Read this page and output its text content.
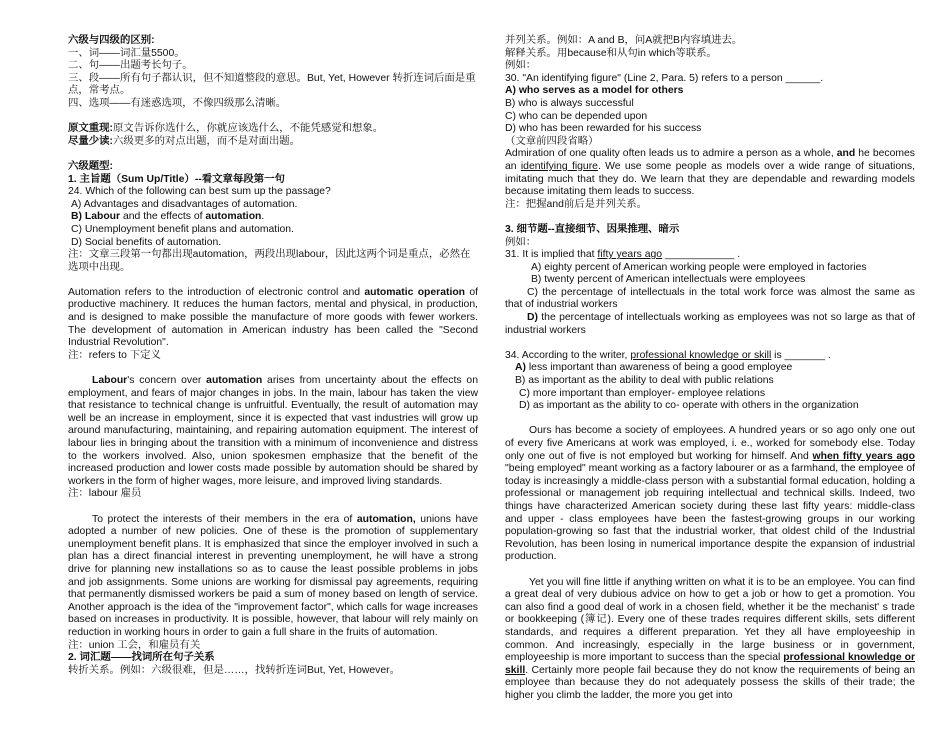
六级与四级的区别:

一、词——词汇量5500。

二、句——出题考长句子。

三、段——所有句子都认识，但不知道整段的意思。But, Yet, However 转折连词后面是重点，常考点。

四、选项——有迷惑选项，不像四级那么清晰。

原文重现:原文告诉你选什么，你就应该选什么，不能凭感觉和想象。

尽量少读:六级更多的对点出题，而不是对面出题。

六级题型:

1. 主旨题（Sum Up/Title）--看文章每段第一句

24. Which of the following can best sum up the passage?

A) Advantages and disadvantages of automation.

B) Labour and the effects of automation.

C) Unemployment benefit plans and automation.

D) Social benefits of automation.

注：文章三段第一句都出现automation，两段出现labour，因此这两个词是重点，必然在选项中出现。

Automation refers to the introduction of electronic control and automatic operation of productive machinery. It reduces the human factors, mental and physical, in production, and is designed to make possible the manufacture of more goods with fewer workers. The development of automation in American industry has been called the "Second Industrial Revolution".

注：refers to 下定义

Labour's concern over automation arises from uncertainty about the effects on employment, and fears of major changes in jobs. In the main, labour has taken the view that resistance to technical change is unfruitful. Eventually, the result of automation may well be an increase in employment, since it is expected that vast industries will grow up around manufacturing, maintaining, and repairing automation equipment. The interest of labour lies in bringing about the transition with a minimum of inconvenience and distress to the workers involved. Also, union spokesmen emphasize that the benefit of the increased production and lower costs made possible by automation should be shared by workers in the form of higher wages, more leisure, and improved living standards.

注：labour 雇员

To protect the interests of their members in the era of automation, unions have adopted a number of new policies. One of these is the promotion of supplementary unemployment benefit plans. It is emphasized that since the employer involved in such a plan has a direct financial interest in preventing unemployment, he will have a strong drive for planning new installations so as to cause the least possible problems in jobs and job assignments. Some unions are working for dismissal pay agreements, requiring that permanently dismissed workers be paid a sum of money based on length of service. Another approach is the idea of the "improvement factor", which calls for wage increases based on increases in productivity. It is possible, however, that labour will rely mainly on reduction in working hours in order to gain a full share in the fruits of automation.

注：union 工会，和雇员有关

2. 词汇题——找词所在句子关系

转折关系。例如：六级很难，但是……，找转折连词But, Yet, However。

并列关系。例如：A and B，问A就把B内容填进去。

解释关系。用because和从句in which等联系。

例如：

30. "An identifying figure" (Line 2, Para. 5) refers to a person ______.

A) who serves as a model for others

B) who is always successful

C) who can be depended upon

D) who has been rewarded for his success

（文章前四段省略）

Admiration of one quality often leads us to admire a person as a whole, and he becomes an identifying figure. We use some people as models over a wide range of situations, imitating much that they do. We learn that they are dependable and rewarding models because imitating them leads to success.

注：把握and前后是并列关系。

3. 细节题--直接细节、因果推理、暗示

例如：

31. It is implied that fifty years ago ____________ .

A) eighty percent of American working people were employed in factories

B) twenty percent of American intellectuals were employees

C) the percentage of intellectuals in the total work force was almost the same as that of industrial workers

D) the percentage of intellectuals working as employees was not so large as that of industrial workers

34. According to the writer, professional knowledge or skill is _______ .

A) less important than awareness of being a good employee

B) as important as the ability to deal with public relations

C) more important than employer- employee relations

D) as important as the ability to co- operate with others in the organization

Ours has become a society of employees. A hundred years or so ago only one out of every five Americans at work was employed, i. e., worked for somebody else. Today only one out of five is not employed but working for himself. And when fifty years ago "being employed" meant working as a factory labourer or as a farmhand, the employee of today is increasingly a middle-class person with a substantial formal education, holding a professional or management job requiring intellectual and technical skills. Indeed, two things have characterized American society during these last fifty years: middle-class and upper - class employees have been the fastest-growing groups in our working population-growing so fast that the industrial worker, that oldest child of the Industrial Revolution, has been losing in numerical importance despite the expansion of industrial production.

Yet you will fine little if anything written on what it is to be an employee. You can find a great deal of very dubious advice on how to get a job or how to get a promotion. You can also find a good deal of work in a chosen field, whether it be the mechanist' s trade or bookkeeping (簿记). Every one of these trades requires different skills, sets different standards, and requires a different preparation. Yet they all have employeeship in common. And increasingly, especially in the large business or in government, employeeship is more important to success than the special professional knowledge or skill. Certainly more people fail because they do not know the requirements of being an employee than because they do not adequately possess the skills of their trade; the higher you climb the ladder, the more you get into
